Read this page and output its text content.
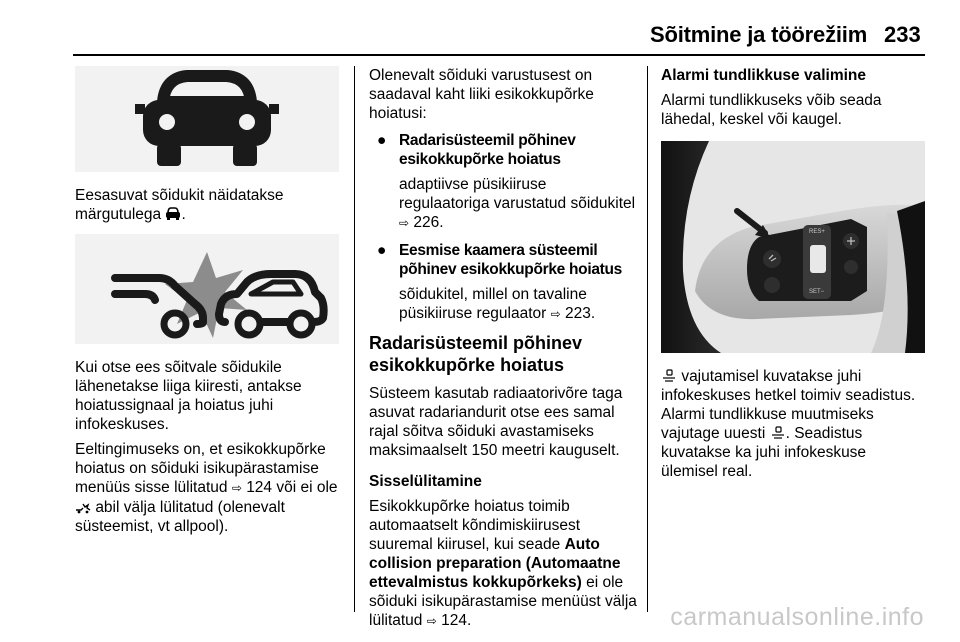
Sõitmine ja töörežiim 233

Eesasuvat sõidukit näidatakse
märgutulega .

Kui otse ees sõitvale sõidukile lähenetakse liiga kiiresti, antakse hoiatussignaal ja hoiatus juhi infokeskuses.

Eeltingimuseks on, et esikokkupõrke hoiatus on sõiduki isikupärastamise menüüs sisse lülitatud ⇨ 124 või ei ole
abil välja lülitatud (olenevalt süsteemist, vt allpool).

Olenevalt sõiduki varustusest on saadaval kaht liiki esikokkupõrke hoiatusi:

● Radarisüsteemil põhinev esikokkupõrke hoiatus
adaptiivse püsikiiruse regulaatoriga varustatud sõidukitel ⇨ 226.
● Eesmise kaamera süsteemil põhinev esikokkupõrke hoiatus
sõidukitel, millel on tavaline püsikiiruse regulaator ⇨ 223.
Radarisüsteemil põhinev esikokkupõrke hoiatus

Süsteem kasutab radiaatorivõre taga asuvat radariandurit otse ees samal rajal sõitva sõiduki avastamiseks maksimaalselt 150 meetri kauguselt.

Sisselülitamine

Esikokkupõrke hoiatus toimib automaatselt kõndimiskiirusest suuremal kiirusel, kui seade Auto collision preparation (Automaatne ettevalmistus kokkupõrkeks) ei ole sõiduki isikupärastamise menüüst välja lülitatud ⇨ 124.

Alarmi tundlikkuse valimine

Alarmi tundlikkuseks võib seada lähedal, keskel või kaugel.

RES+
SET−

vajutamisel kuvatakse juhi infokeskuses hetkel toimiv seadistus. Alarmi tundlikkuse muutmiseks vajutage uuesti . Seadistus kuvatakse ka juhi infokeskuse ülemisel real.

carmanualsonline.info
